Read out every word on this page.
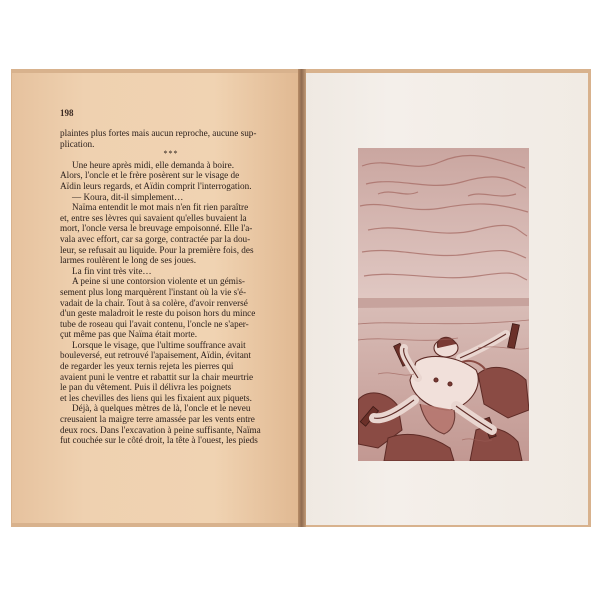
198

plaintes plus fortes mais aucun reproche, aucune sup-

plication.

***

Une heure après midi, elle demanda à boire.

Alors, l'oncle et le frère posèrent sur le visage de

Aïdin leurs regards, et Aïdin comprit l'interrogation.

— Koura, dit-il simplement…

Naïma entendit le mot mais n'en fit rien paraître

et, entre ses lèvres qui savaient qu'elles buvaient la

mort, l'oncle versa le breuvage empoisonné. Elle l'a-

vala avec effort, car sa gorge, contractée par la dou-

leur, se refusait au liquide. Pour la première fois, des

larmes roulèrent le long de ses joues.

La fin vint très vite…

A peine si une contorsion violente et un gémis-

sement plus long marquèrent l'instant où la vie s'é-

vadait de la chair. Tout à sa colère, d'avoir renversé

d'un geste maladroit le reste du poison hors du mince

tube de roseau qui l'avait contenu, l'oncle ne s'aper-

çut même pas que Naïma était morte.

Lorsque le visage, que l'ultime souffrance avait

bouleversé, eut retrouvé l'apaisement, Aïdin, évitant

de regarder les yeux ternis rejeta les pierres qui

avaient puni le ventre et rabattit sur la chair meurtrie

le pan du vêtement. Puis il délivra les poignets

et les chevilles des liens qui les fixaient aux piquets.

Déjà, à quelques mètres de là, l'oncle et le neveu

creusaient la maigre terre amassée par les vents entre

deux rocs. Dans l'excavation à peine suffisante, Naïma

fut couchée sur le côté droit, la tête à l'ouest, les pieds
